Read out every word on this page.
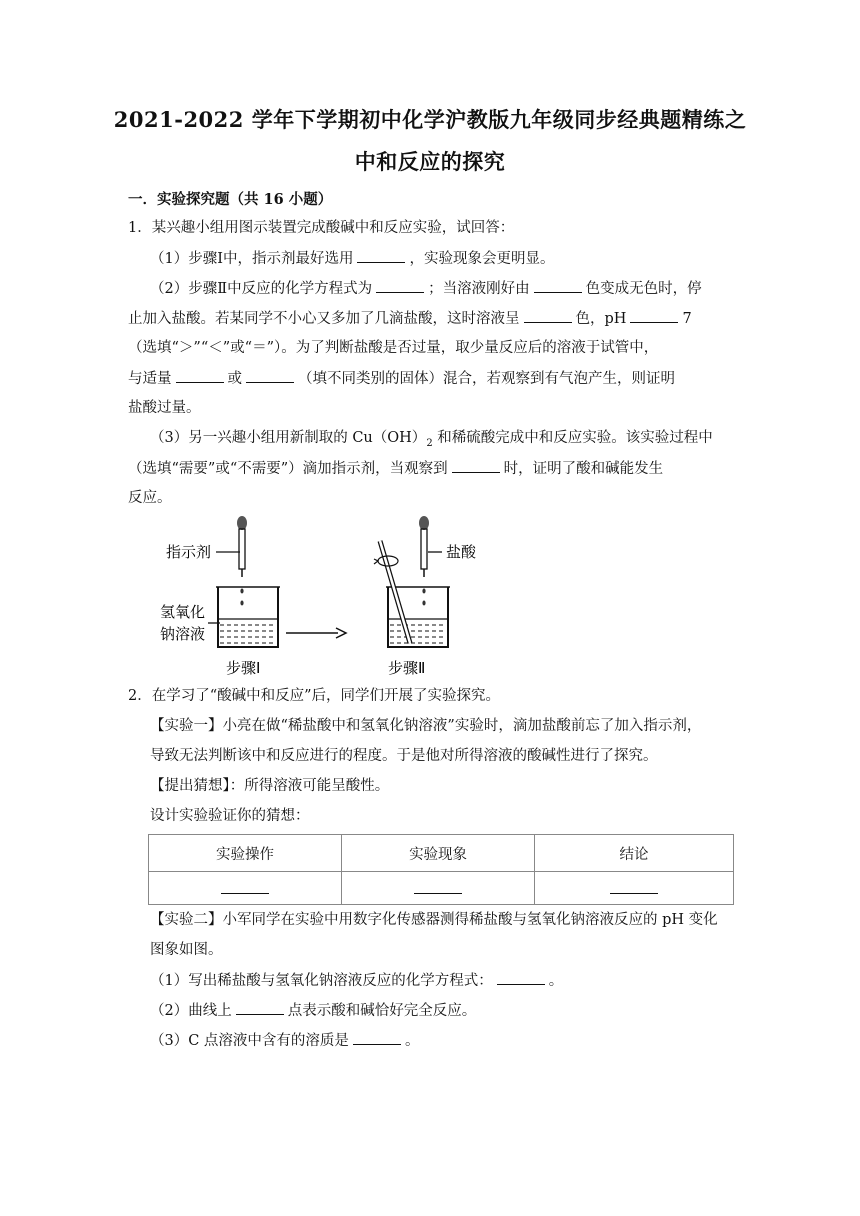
2021-2022 学年下学期初中化学沪教版九年级同步经典题精练之
中和反应的探究
一．实验探究题（共 16 小题）
1．某兴趣小组用图示装置完成酸碱中和反应实验，试回答：
（1）步骤Ⅰ中，指示剂最好选用	，实验现象会更明显。
（2）步骤Ⅱ中反应的化学方程式为	；当溶液刚好由	色变成无色时，停
止加入盐酸。若某同学不小心又多加了几滴盐酸，这时溶液呈	色，pH	7
（选填“＞”“＜”或“＝”）。为了判断盐酸是否过量，取少量反应后的溶液于试管中，
与适量	或	（填不同类别的固体）混合，若观察到有气泡产生，则证明
盐酸过量。
（3）另一兴趣小组用新制取的 $Cu(OH)_2$ 和稀硫酸完成中和反应实验。该实验过程中
（选填“需要”或“不需要”）滴加指示剂，当观察到	时，证明了酸和碱能发生
反应。
指示剂
氢氧化
钠溶液
步骤Ⅰ
盐酸
步骤Ⅱ
2．在学习了“酸碱中和反应”后，同学们开展了实验探究。
【实验一】小亮在做“稀盐酸中和氢氧化钠溶液”实验时，滴加盐酸前忘了加入指示剂，
导致无法判断该中和反应进行的程度。于是他对所得溶液的酸碱性进行了探究。
【提出猜想】：所得溶液可能呈酸性。
设计实验验证你的猜想：
实验操作	实验现象	结论

【实验二】小军同学在实验中用数字化传感器测得稀盐酸与氢氧化钠溶液反应的 pH 变化
图象如图。
（1）写出稀盐酸与氢氧化钠溶液反应的化学方程式：	。
（2）曲线上	点表示酸和碱恰好完全反应。
（3）C 点溶液中含有的溶质是	。
